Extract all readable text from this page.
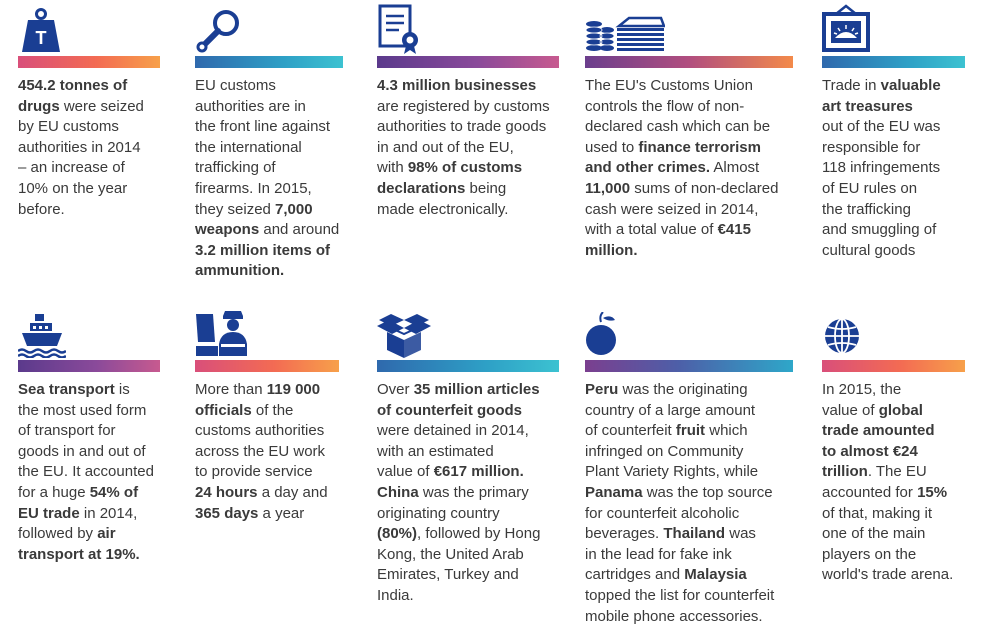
T
454.2 tonnes of
drugs were seized
by EU customs
authorities in 2014
– an increase of
10% on the year
before.
EU customs
authorities are in
the front line against
the international
trafficking of
firearms. In 2015,
they seized 7,000
weapons and around
3.2 million items of
ammunition.
4.3 million businesses
are registered by customs
authorities to trade goods
in and out of the EU,
with 98% of customs
declarations being
made electronically.
The EU's Customs Union
controls the flow of non-
declared cash which can be
used to finance terrorism
and other crimes. Almost
11,000 sums of non-declared
cash were seized in 2014,
with a total value of €415
million.
Trade in valuable
art treasures
out of the EU was
responsible for
118 infringements
of EU rules on
the trafficking
and smuggling of
cultural goods
Sea transport is
the most used form
of transport for
goods in and out of
the EU. It accounted
for a huge 54% of
EU trade in 2014,
followed by air
transport at 19%.
More than 119 000
officials of the
customs authorities
across the EU work
to provide service
24 hours a day and
365 days a year
Over 35 million articles
of counterfeit goods
were detained in 2014,
with an estimated
value of €617 million.
China was the primary
originating country
(80%), followed by Hong
Kong, the United Arab
Emirates, Turkey and
India.
Peru was the originating
country of a large amount
of counterfeit fruit which
infringed on Community
Plant Variety Rights, while
Panama was the top source
for counterfeit alcoholic
beverages. Thailand was
in the lead for fake ink
cartridges and Malaysia
topped the list for counterfeit
mobile phone accessories.
In 2015, the
value of global
trade amounted
to almost €24
trillion. The EU
accounted for 15%
of that, making it
one of the main
players on the
world's trade arena.
